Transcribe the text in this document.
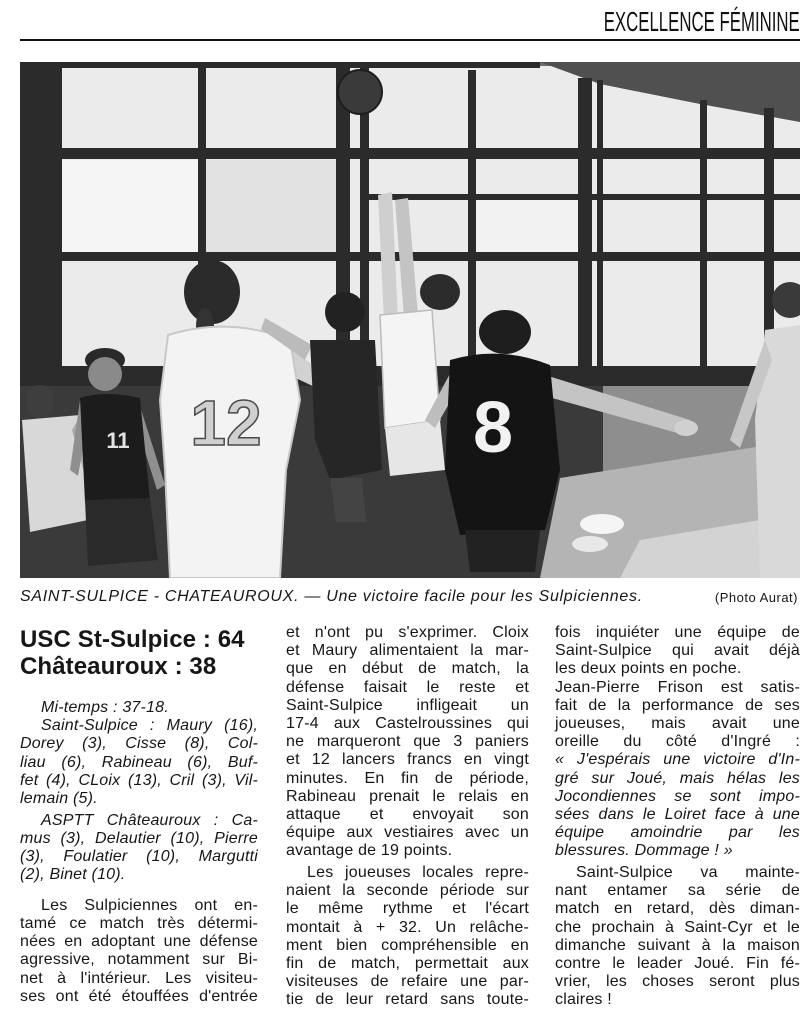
EXCELLENCE FÉMININE
11 12	8
SAINT-SULPICE - CHATEAUROUX. — Une victoire facile pour les Sulpiciennes.	(Photo Aurat)
USC St-Sulpice : 64
Châteauroux : 38
Mi-temps : 37-18.
Saint-Sulpice : Maury (16),
Dorey (3), Cisse (8), Col-
liau (6), Rabineau (6), Buf-
fet (4), CLoix (13), Cril (3), Vil-
lemain (5).
ASPTT Châteauroux : Ca-
mus (3), Delautier (10), Pierre
(3), Foulatier (10), Margutti
(2), Binet (10).
Les Sulpiciennes ont en-
tamé ce match très détermi-
nées en adoptant une défense
agressive, notamment sur Bi-
net à l'intérieur. Les visiteu-
ses ont été étouffées d'entrée
et n'ont pu s'exprimer. Cloix
et Maury alimentaient la mar-
que en début de match, la
défense faisait le reste et
Saint-Sulpice infligeait un
17-4 aux Castelroussines qui
ne marqueront que 3 paniers
et 12 lancers francs en vingt
minutes. En fin de période,
Rabineau prenait le relais en
attaque et envoyait son
équipe aux vestiaires avec un
avantage de 19 points.
Les joueuses locales repre-
naient la seconde période sur
le même rythme et l'écart
montait à + 32. Un relâche-
ment bien compréhensible en
fin de match, permettait aux
visiteuses de refaire une par-
tie de leur retard sans toute-
fois inquiéter une équipe de
Saint-Sulpice qui avait déjà
les deux points en poche.
Jean-Pierre Frison est satis-
fait de la performance de ses
joueuses, mais avait une
oreille du côté d'Ingré :
« J'espérais une victoire d'In-
gré sur Joué, mais hélas les
Jocondiennes se sont impo-
sées dans le Loiret face à une
équipe amoindrie par les
blessures. Dommage ! »
Saint-Sulpice va mainte-
nant entamer sa série de
match en retard, dès diman-
che prochain à Saint-Cyr et le
dimanche suivant à la maison
contre le leader Joué. Fin fé-
vrier, les choses seront plus
claires !
